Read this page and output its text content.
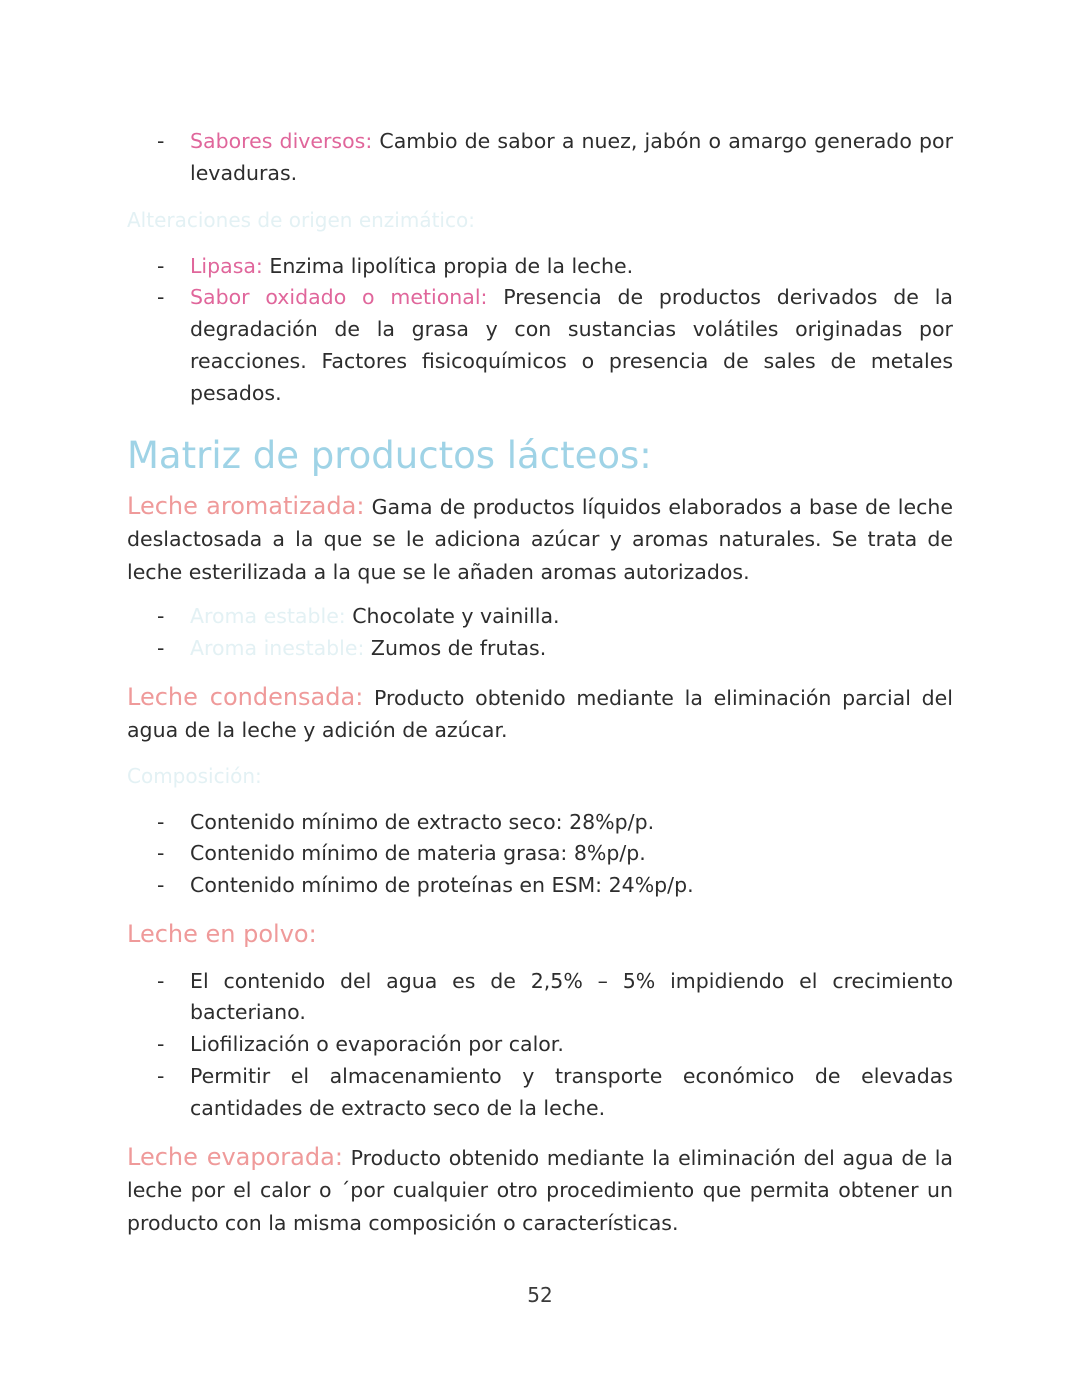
- Sabores diversos: Cambio de sabor a nuez, jabón o amargo generado por levaduras.

Alteraciones de origen enzimático:

- Lipasa: Enzima lipolítica propia de la leche.
- Sabor oxidado o metional: Presencia de productos derivados de la degradación de la grasa y con sustancias volátiles originadas por reacciones. Factores fisicoquímicos o presencia de sales de metales pesados.
Matriz de productos lácteos:

Leche aromatizada: Gama de productos líquidos elaborados a base de leche deslactosada a la que se le adiciona azúcar y aromas naturales. Se trata de leche esterilizada a la que se le añaden aromas autorizados.

- Aroma estable: Chocolate y vainilla.
- Aroma inestable: Zumos de frutas.

Leche condensada: Producto obtenido mediante la eliminación parcial del agua de la leche y adición de azúcar.

Composición:

- Contenido mínimo de extracto seco: 28%p/p.
- Contenido mínimo de materia grasa: 8%p/p.
- Contenido mínimo de proteínas en ESM: 24%p/p.

Leche en polvo:

- El contenido del agua es de 2,5% – 5% impidiendo el crecimiento bacteriano.
- Liofilización o evaporación por calor.
- Permitir el almacenamiento y transporte económico de elevadas cantidades de extracto seco de la leche.

Leche evaporada: Producto obtenido mediante la eliminación del agua de la leche por el calor o ´por cualquier otro procedimiento que permita obtener un producto con la misma composición o características.

52
